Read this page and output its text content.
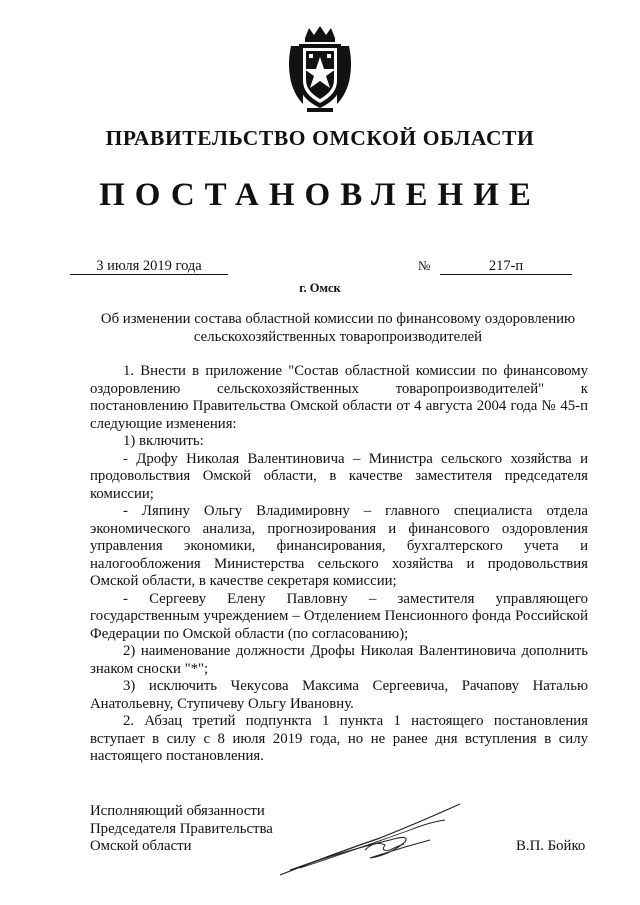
ПРАВИТЕЛЬСТВО ОМСКОЙ ОБЛАСТИ
ПОСТАНОВЛЕНИЕ
3 июля 2019 года	№	217-п
г. Омск
Об изменении состава областной комиссии по финансовому оздоровлению сельскохозяйственных товаропроизводителей

1. Внести в приложение "Состав областной комиссии по финансовому оздоровлению сельскохозяйственных товаропроизводителей" к постановлению Правительства Омской области от 4 августа 2004 года № 45-п следующие изменения:

1) включить:

- Дрофу Николая Валентиновича – Министра сельского хозяйства и продовольствия Омской области, в качестве заместителя председателя комиссии;

- Ляпину Ольгу Владимировну – главного специалиста отдела экономического анализа, прогнозирования и финансового оздоровления управления экономики, финансирования, бухгалтерского учета и налогообложения Министерства сельского хозяйства и продовольствия Омской области, в качестве секретаря комиссии;

- Сергееву Елену Павловну – заместителя управляющего государственным учреждением – Отделением Пенсионного фонда Российской Федерации по Омской области (по согласованию);

2) наименование должности Дрофы Николая Валентиновича дополнить знаком сноски "*";

3) исключить Чекусова Максима Сергеевича, Рачапову Наталью Анатольевну, Ступичеву Ольгу Ивановну.

2. Абзац третий подпункта 1 пункта 1 настоящего постановления вступает в силу с 8 июля 2019 года, но не ранее дня вступления в силу настоящего постановления.

Исполняющий обязанности
Председателя Правительства
Омской области	В.П. Бойко
